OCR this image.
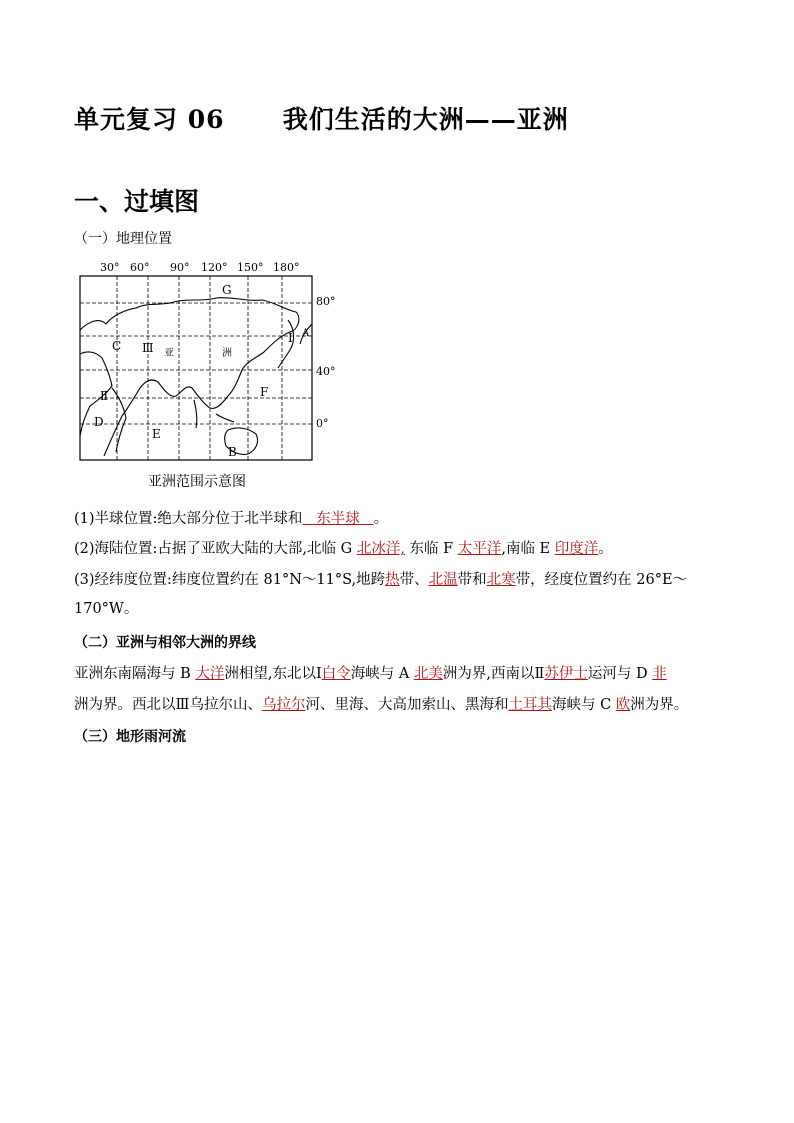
单元复习 06      我们生活的大洲——亚洲
一、过填图

（一）地理位置

30° 60° 90° 120° 150° 180°
80°
40°
0°
G
C Ⅲ
Ⅰ A
D
E
F
B
Ⅱ
亚	洲

亚洲范围示意图

(1)半球位置:绝大部分位于北半球和   东半球   。

(2)海陆位置:占据了亚欧大陆的大部,北临 G 北冰洋, 东临 F 太平洋,南临 E 印度洋。

(3)经纬度位置:纬度位置约在 81°N～11°S,地跨热带、北温带和北寒带，经度位置约在 26°E～

170°W。

（二）亚洲与相邻大洲的界线

亚洲东南隔海与 B 大洋洲相望,东北以Ⅰ白令海峡与 A 北美洲为界,西南以Ⅱ苏伊士运河与 D 非

洲为界。西北以Ⅲ乌拉尔山、乌拉尔河、里海、大高加索山、黑海和土耳其海峡与 C 欧洲为界。

（三）地形雨河流
